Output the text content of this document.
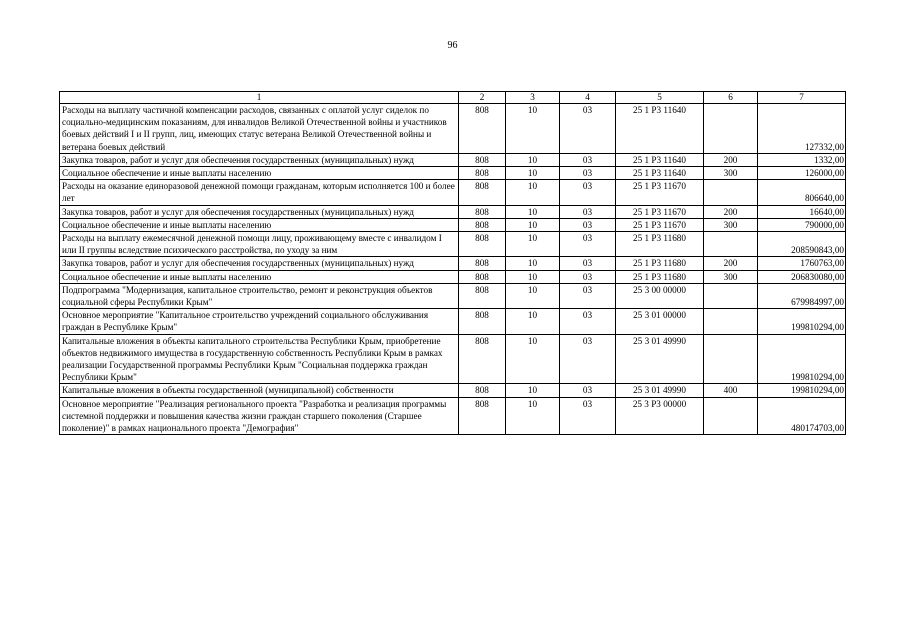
96
1	2	3	4	5	6	7
Расходы на выплату частичной компенсации расходов, связанных с оплатой услуг сиделок по социально-медицинским показаниям, для инвалидов Великой Отечественной войны и участников боевых действий I и II групп, лиц, имеющих статус ветерана Великой Отечественной войны и ветерана боевых действий	808	10	03	25 1 Р3 11640		127332,00
Закупка товаров, работ и услуг для обеспечения государственных (муниципальных) нужд	808	10	03	25 1 Р3 11640	200	1332,00
Социальное обеспечение и иные выплаты населению	808	10	03	25 1 Р3 11640	300	126000,00
Расходы на оказание единоразовой денежной помощи гражданам, которым исполняется 100 и более лет	808	10	03	25 1 Р3 11670		806640,00
Закупка товаров, работ и услуг для обеспечения государственных (муниципальных) нужд	808	10	03	25 1 Р3 11670	200	16640,00
Социальное обеспечение и иные выплаты населению	808	10	03	25 1 Р3 11670	300	790000,00
Расходы на выплату ежемесячной денежной помощи лицу, проживающему вместе с инвалидом I или II группы вследствие психического расстройства, по уходу за ним	808	10	03	25 1 Р3 11680		208590843,00
Закупка товаров, работ и услуг для обеспечения государственных (муниципальных) нужд	808	10	03	25 1 Р3 11680	200	1760763,00
Социальное обеспечение и иные выплаты населению	808	10	03	25 1 Р3 11680	300	206830080,00
Подпрограмма "Модернизация, капитальное строительство, ремонт и реконструкция объектов социальной сферы Республики Крым"	808	10	03	25 3 00 00000		679984997,00
Основное мероприятие "Капитальное строительство учреждений социального обслуживания граждан в Республике Крым"	808	10	03	25 3 01 00000		199810294,00
Капитальные вложения в объекты капитального строительства Республики Крым, приобретение объектов недвижимого имущества в государственную собственность Республики Крым в рамках реализации Государственной программы Республики Крым "Социальная поддержка граждан Республики Крым"	808	10	03	25 3 01 49990		199810294,00
Капитальные вложения в объекты государственной (муниципальной) собственности	808	10	03	25 3 01 49990	400	199810294,00
Основное мероприятие "Реализация регионального проекта "Разработка и реализация программы системной поддержки и повышения качества жизни граждан старшего поколения (Старшее поколение)" в рамках национального проекта "Демография"	808	10	03	25 3 Р3 00000		480174703,00
